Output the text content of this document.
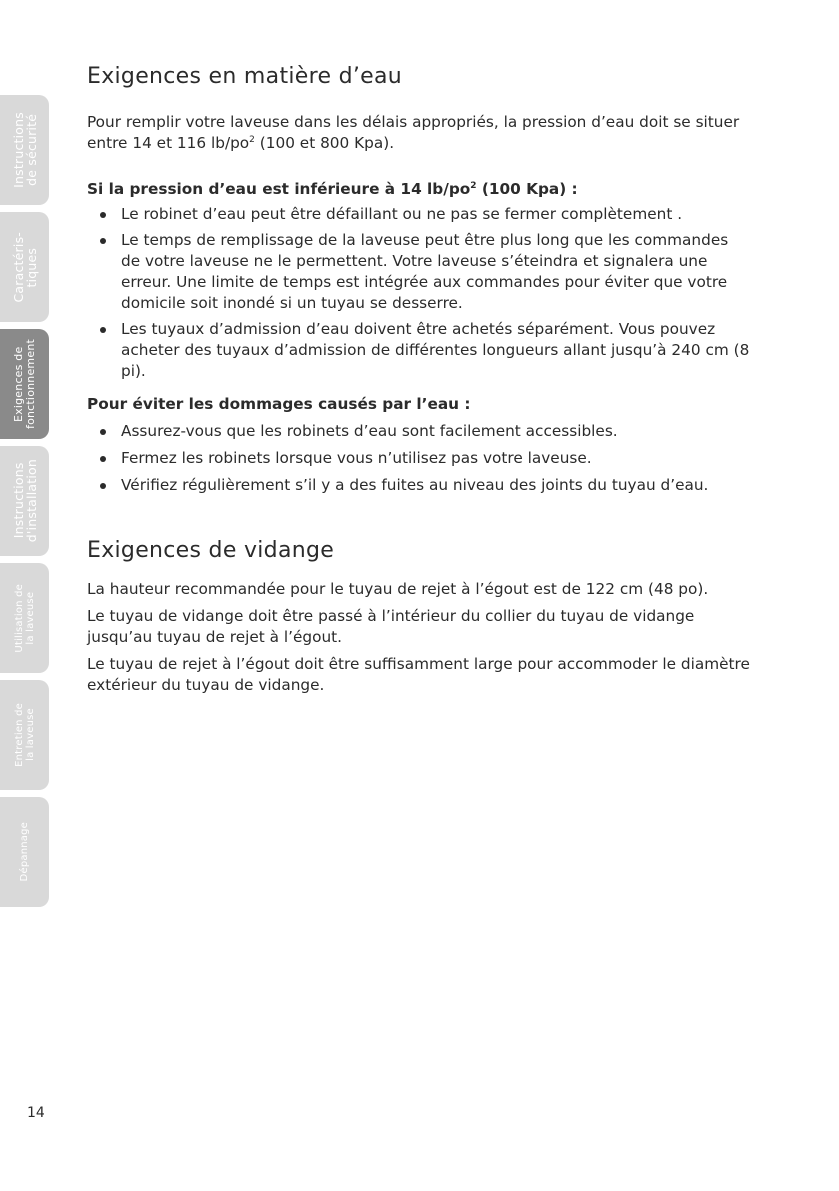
Instructions
de sécurité
Caractéris-
tiques
Exigences de
fonctionnement
Instructions
d'installation
Utilisation de
la laveuse
Entretien de
la laveuse
Dépannage
Exigences en matière d’eau

Pour remplir votre laveuse dans les délais appropriés, la pression d’eau doit se situer entre 14 et 116 $lb/po^2$ (100 et 800 Kpa).

Si la pression d’eau est inférieure à 14 $lb/po^2$ (100 Kpa) :
Le robinet d’eau peut être défaillant ou ne pas se fermer complètement .
Le temps de remplissage de la laveuse peut être plus long que les commandes de votre laveuse ne le permettent. Votre laveuse s’éteindra et signalera une erreur. Une limite de temps est intégrée aux commandes pour éviter que votre domicile soit inondé si un tuyau se desserre.
Les tuyaux d’admission d’eau doivent être achetés séparément. Vous pouvez acheter des tuyaux d’admission de différentes longueurs allant jusqu’à 240 cm (8 pi).
Pour éviter les dommages causés par l’eau :
Assurez-vous que les robinets d’eau sont facilement accessibles.
Fermez les robinets lorsque vous n’utilisez pas votre laveuse.
Vérifiez régulièrement s’il y a des fuites au niveau des joints du tuyau d’eau.
Exigences de vidange

La hauteur recommandée pour le tuyau de rejet à l’égout est de 122 cm (48 po).

Le tuyau de vidange doit être passé à l’intérieur du collier du tuyau de vidange jusqu’au tuyau de rejet à l’égout.

Le tuyau de rejet à l’égout doit être suffisamment large pour accommoder le diamètre extérieur du tuyau de vidange.

14
